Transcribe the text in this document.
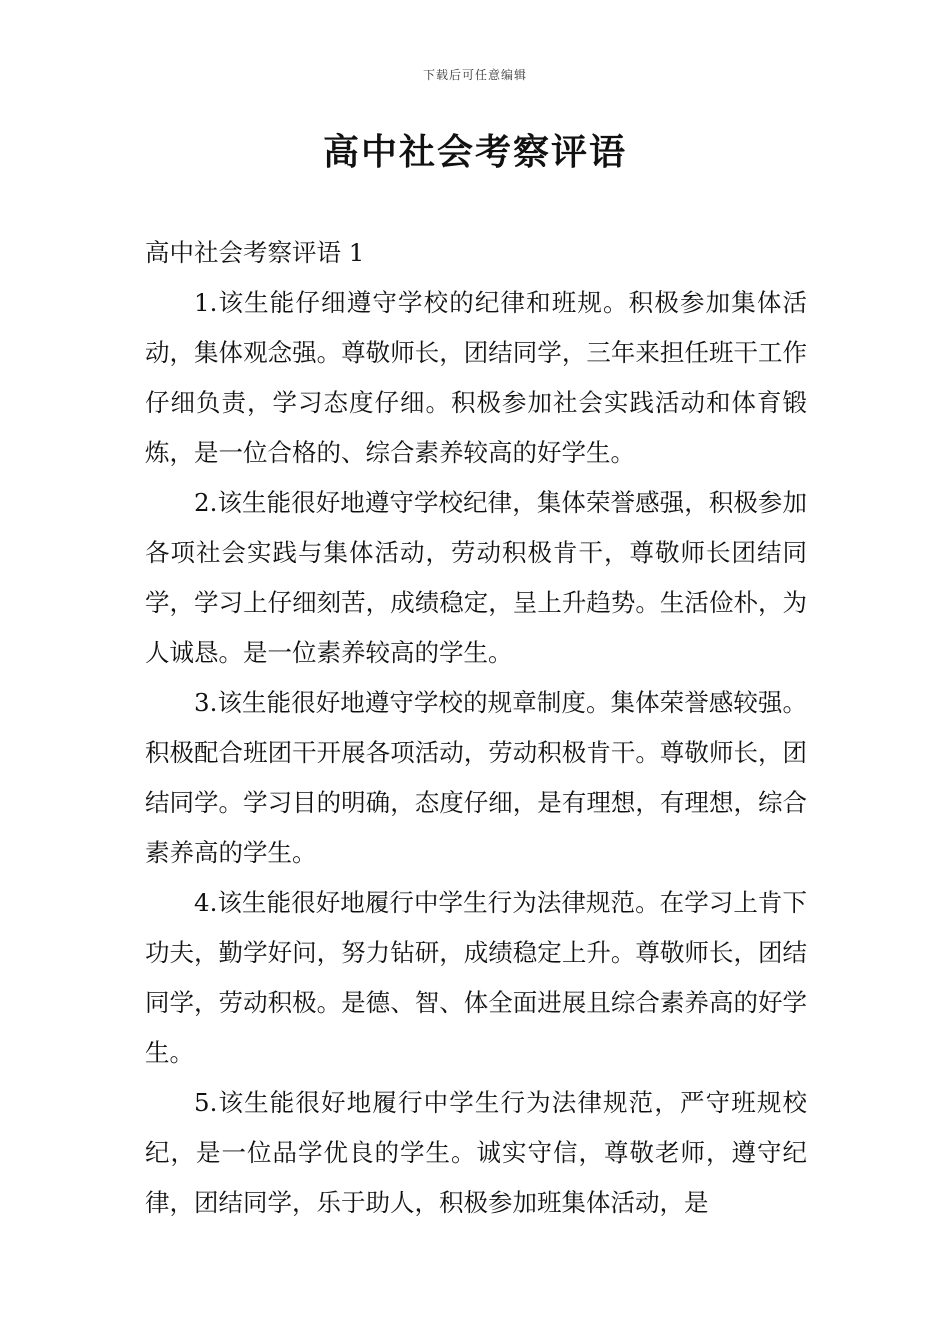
下载后可任意编辑
高中社会考察评语
高中社会考察评语 1

1.该生能仔细遵守学校的纪律和班规。积极参加集体活动，集体观念强。尊敬师长，团结同学，三年来担任班干工作仔细负责，学习态度仔细。积极参加社会实践活动和体育锻炼，是一位合格的、综合素养较高的好学生。

2.该生能很好地遵守学校纪律，集体荣誉感强，积极参加各项社会实践与集体活动，劳动积极肯干，尊敬师长团结同学，学习上仔细刻苦，成绩稳定，呈上升趋势。生活俭朴，为人诚恳。是一位素养较高的学生。

3.该生能很好地遵守学校的规章制度。集体荣誉感较强。积极配合班团干开展各项活动，劳动积极肯干。尊敬师长，团结同学。学习目的明确，态度仔细，是有理想，有理想，综合素养高的学生。

4.该生能很好地履行中学生行为法律规范。在学习上肯下功夫，勤学好问，努力钻研，成绩稳定上升。尊敬师长，团结同学，劳动积极。是德、智、体全面进展且综合素养高的好学生。

5.该生能很好地履行中学生行为法律规范，严守班规校纪，是一位品学优良的学生。诚实守信，尊敬老师，遵守纪律，团结同学，乐于助人，积极参加班集体活动，是
